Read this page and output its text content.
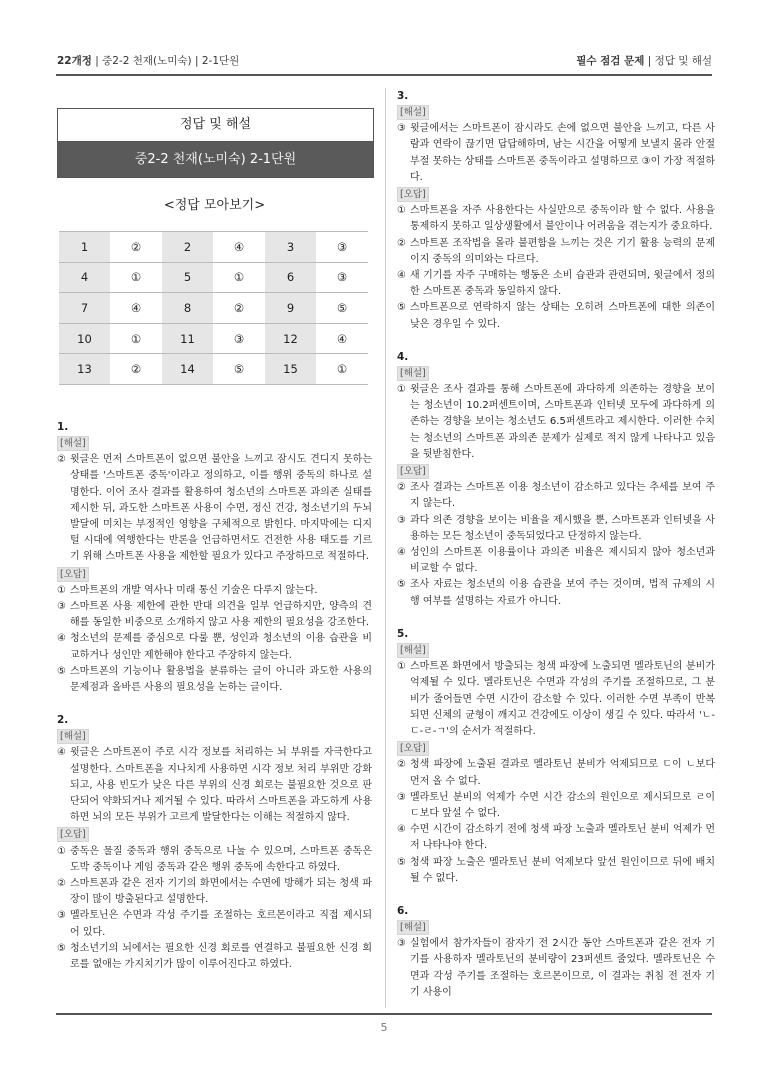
22개정 | 중2-2 천재(노미숙) | 2-1단원	필수 점검 문제 | 정답 및 해설
정답 및 해설
중2-2 천재(노미숙) 2-1단원
<정답 모아보기>
1	②	2	④	3	③
4	①	5	①	6	③
7	④	8	②	9	⑤
10	①	11	③	12	④
13	②	14	⑤	15	①

1.

[해설]

② 윗글은 먼저 스마트폰이 없으면 불안을 느끼고 잠시도 견디지 못하는 상태를 '스마트폰 중독'이라고 정의하고, 이를 행위 중독의 하나로 설명한다. 이어 조사 결과를 활용하여 청소년의 스마트폰 과의존 실태를 제시한 뒤, 과도한 스마트폰 사용이 수면, 정신 건강, 청소년기의 두뇌 발달에 미치는 부정적인 영향을 구체적으로 밝힌다. 마지막에는 디지털 시대에 역행한다는 반론을 언급하면서도 건전한 사용 태도를 기르기 위해 스마트폰 사용을 제한할 필요가 있다고 주장하므로 적절하다.

[오답]

① 스마트폰의 개발 역사나 미래 통신 기술은 다루지 않는다.

③ 스마트폰 사용 제한에 관한 반대 의견을 일부 언급하지만, 양측의 견해를 동일한 비중으로 소개하지 않고 사용 제한의 필요성을 강조한다.

④ 청소년의 문제를 중심으로 다룰 뿐, 성인과 청소년의 이용 습관을 비교하거나 성인만 제한해야 한다고 주장하지 않는다.

⑤ 스마트폰의 기능이나 활용법을 분류하는 글이 아니라 과도한 사용의 문제점과 올바른 사용의 필요성을 논하는 글이다.

2.

[해설]

④ 윗글은 스마트폰이 주로 시각 정보를 처리하는 뇌 부위를 자극한다고 설명한다. 스마트폰을 지나치게 사용하면 시각 정보 처리 부위만 강화되고, 사용 빈도가 낮은 다른 부위의 신경 회로는 불필요한 것으로 판단되어 약화되거나 제거될 수 있다. 따라서 스마트폰을 과도하게 사용하면 뇌의 모든 부위가 고르게 발달한다는 이해는 적절하지 않다.

[오답]

① 중독은 물질 중독과 행위 중독으로 나눌 수 있으며, 스마트폰 중독은 도박 중독이나 게임 중독과 같은 행위 중독에 속한다고 하였다.

② 스마트폰과 같은 전자 기기의 화면에서는 수면에 방해가 되는 청색 파장이 많이 방출된다고 설명한다.

③ 멜라토닌은 수면과 각성 주기를 조절하는 호르몬이라고 직접 제시되어 있다.

⑤ 청소년기의 뇌에서는 필요한 신경 회로를 연결하고 불필요한 신경 회로를 없애는 가지치기가 많이 이루어진다고 하였다.

3.

[해설]

③ 윗글에서는 스마트폰이 잠시라도 손에 없으면 불안을 느끼고, 다른 사람과 연락이 끊기면 답답해하며, 남는 시간을 어떻게 보낼지 몰라 안절부절 못하는 상태를 스마트폰 중독이라고 설명하므로 ③이 가장 적절하다.

[오답]

① 스마트폰을 자주 사용한다는 사실만으로 중독이라 할 수 없다. 사용을 통제하지 못하고 일상생활에서 불안이나 어려움을 겪는지가 중요하다.

② 스마트폰 조작법을 몰라 불편함을 느끼는 것은 기기 활용 능력의 문제이지 중독의 의미와는 다르다.

④ 새 기기를 자주 구매하는 행동은 소비 습관과 관련되며, 윗글에서 정의한 스마트폰 중독과 동일하지 않다.

⑤ 스마트폰으로 연락하지 않는 상태는 오히려 스마트폰에 대한 의존이 낮은 경우일 수 있다.

4.

[해설]

① 윗글은 조사 결과를 통해 스마트폰에 과다하게 의존하는 경향을 보이는 청소년이 10.2퍼센트이며, 스마트폰과 인터넷 모두에 과다하게 의존하는 경향을 보이는 청소년도 6.5퍼센트라고 제시한다. 이러한 수치는 청소년의 스마트폰 과의존 문제가 실제로 적지 않게 나타나고 있음을 뒷받침한다.

[오답]

② 조사 결과는 스마트폰 이용 청소년이 감소하고 있다는 추세를 보여 주지 않는다.

③ 과다 의존 경향을 보이는 비율을 제시했을 뿐, 스마트폰과 인터넷을 사용하는 모든 청소년이 중독되었다고 단정하지 않는다.

④ 성인의 스마트폰 이용률이나 과의존 비율은 제시되지 않아 청소년과 비교할 수 없다.

⑤ 조사 자료는 청소년의 이용 습관을 보여 주는 것이며, 법적 규제의 시행 여부를 설명하는 자료가 아니다.

5.

[해설]

① 스마트폰 화면에서 방출되는 청색 파장에 노출되면 멜라토닌의 분비가 억제될 수 있다. 멜라토닌은 수면과 각성의 주기를 조절하므로, 그 분비가 줄어들면 수면 시간이 감소할 수 있다. 이러한 수면 부족이 반복되면 신체의 균형이 깨지고 건강에도 이상이 생길 수 있다. 따라서 'ㄴ-ㄷ-ㄹ-ㄱ'의 순서가 적절하다.

[오답]

② 청색 파장에 노출된 결과로 멜라토닌 분비가 억제되므로 ㄷ이 ㄴ보다 먼저 올 수 없다.

③ 멜라토닌 분비의 억제가 수면 시간 감소의 원인으로 제시되므로 ㄹ이 ㄷ보다 앞설 수 없다.

④ 수면 시간이 감소하기 전에 청색 파장 노출과 멜라토닌 분비 억제가 먼저 나타나야 한다.

⑤ 청색 파장 노출은 멜라토닌 분비 억제보다 앞선 원인이므로 뒤에 배치될 수 없다.

6.

[해설]

③ 실험에서 참가자들이 잠자기 전 2시간 동안 스마트폰과 같은 전자 기기를 사용하자 멜라토닌의 분비량이 23퍼센트 줄었다. 멜라토닌은 수면과 각성 주기를 조절하는 호르몬이므로, 이 결과는 취침 전 전자 기기 사용이

5
